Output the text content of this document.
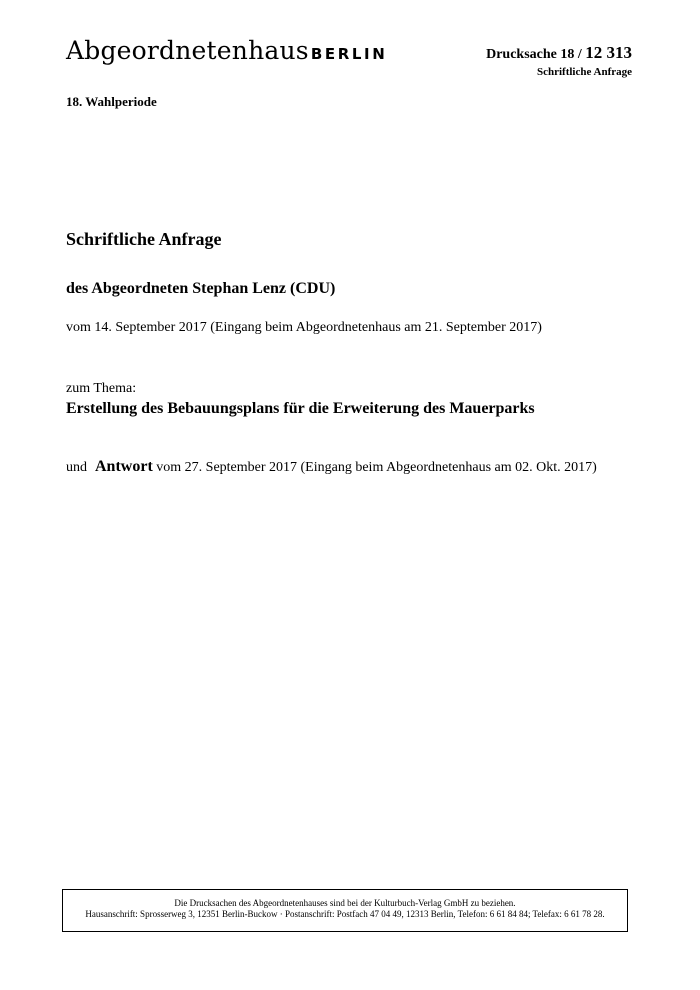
Abgeordnetenhaus BERLIN	Drucksache 18 / 12 313
Schriftliche Anfrage
18. Wahlperiode
Schriftliche Anfrage
des Abgeordneten Stephan Lenz (CDU)
vom 14. September 2017 (Eingang beim Abgeordnetenhaus am 21. September 2017)
zum Thema:
Erstellung des Bebauungsplans für die Erweiterung des Mauerparks
und Antwort vom 27. September 2017 (Eingang beim Abgeordnetenhaus am 02. Okt. 2017)
Die Drucksachen des Abgeordnetenhauses sind bei der Kulturbuch-Verlag GmbH zu beziehen.
Hausanschrift: Sprosserweg 3, 12351 Berlin-Buckow · Postanschrift: Postfach 47 04 49, 12313 Berlin, Telefon: 6 61 84 84; Telefax: 6 61 78 28.
